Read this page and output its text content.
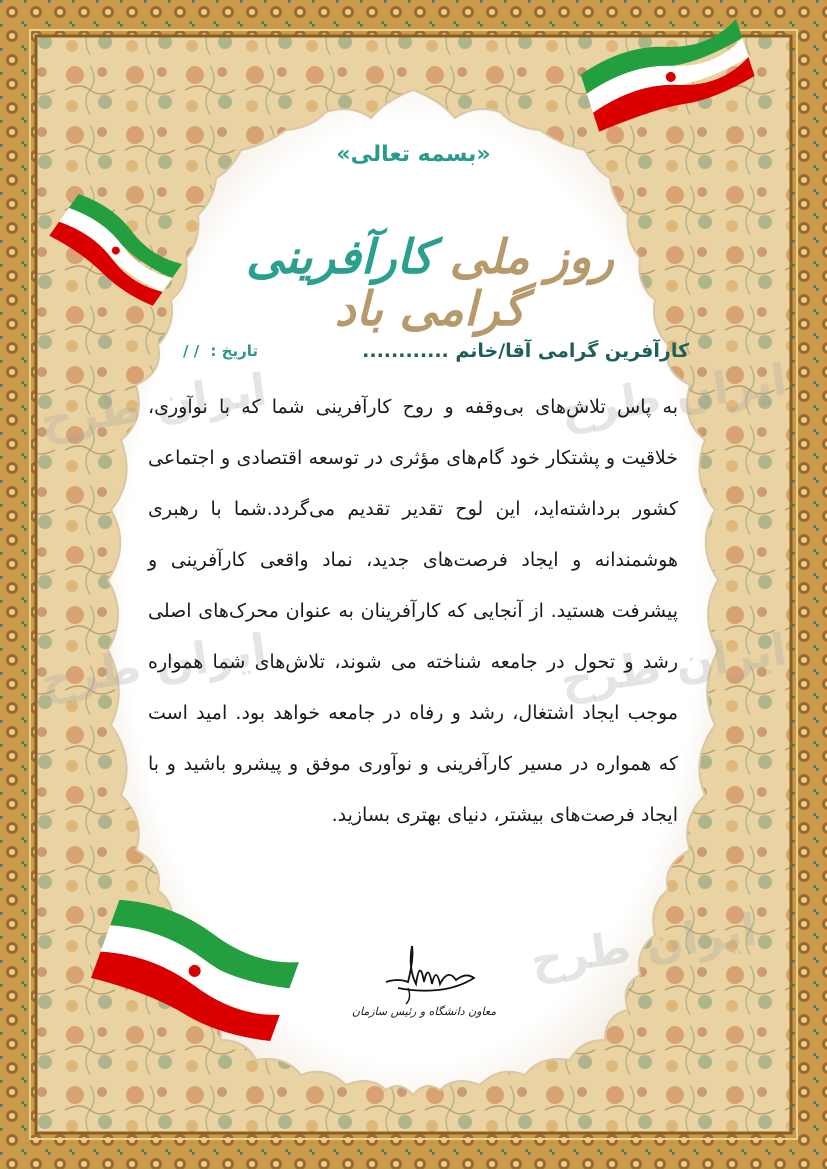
ایران طرح	ایران طرح
ایران طرح	ایران طرح
ایران طرح
«بسمه تعالی»
روز ملی کارآفرینی گرامی باد
کارآفرین گرامی آقا/خانم ............
تاریخ : / /
به پاس تلاش‌های بی‌وقفه و روح کارآفرینی شما که با نوآوری، خلاقیت و پشتکار خود گام‌های مؤثری در توسعه اقتصادی و اجتماعی کشور برداشته‌اید، این لوح تقدیر تقدیم می‌گردد.شما با رهبری هوشمندانه و ایجاد فرصت‌های جدید، نماد واقعی کارآفرینی و پیشرفت هستید. از آنجایی که کارآفرینان به عنوان محرک‌های اصلی رشد و تحول در جامعه شناخته می شوند، تلاش‌های شما همواره موجب ایجاد اشتغال، رشد و رفاه در جامعه خواهد بود. امید است که همواره در مسیر کارآفرینی و نوآوری موفق و پیشرو باشید و با ایجاد فرصت‌های بیشتر، دنیای بهتری بسازید.
معاون دانشگاه و رئیس سازمان
